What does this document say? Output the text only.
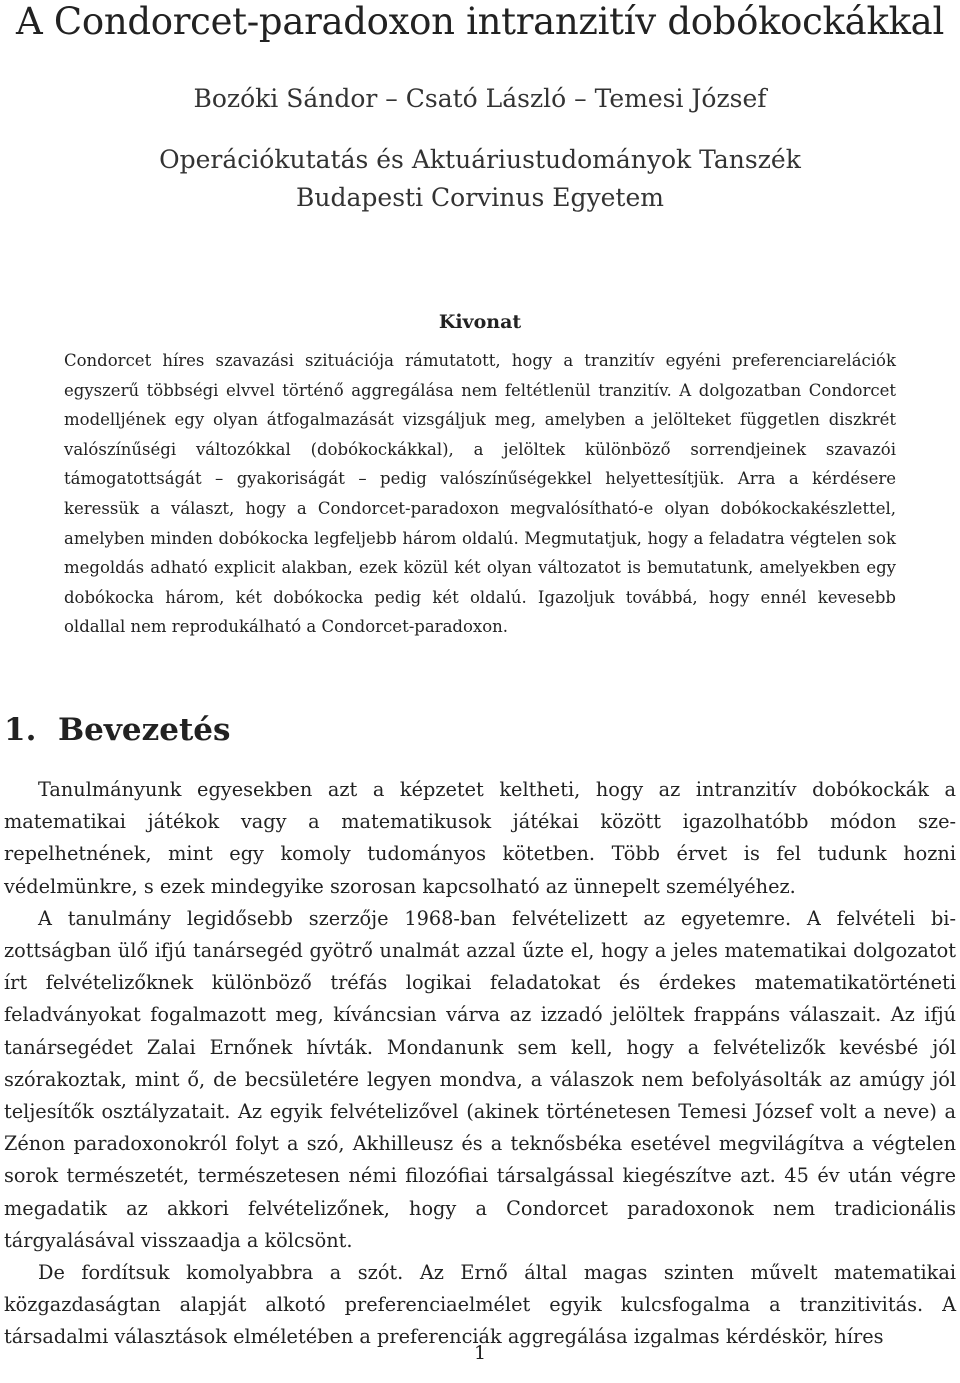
A Condorcet-paradoxon intranzitív dobókockákkal
Bozóki Sándor – Csató László – Temesi József
Operációkutatás és Aktuáriustudományok Tanszék
Budapesti Corvinus Egyetem
Kivonat
Condorcet híres szavazási szituációja rámutatott, hogy a tranzitív egyéni preferenciarelációk egyszerű többségi elvvel történő aggregálása nem feltétlenül tranzitív. A dolgozatban Condorcet modelljének egy olyan átfogalmazását vizsgáljuk meg, amelyben a jelölteket független diszkrét valószínűségi változókkal (dobókockákkal), a jelöltek különböző sorrendjeinek szavazói támogatottságát – gyakoriságát – pedig valószínűségekkel helyettesítjük. Arra a kérdésere keressük a választ, hogy a Condorcet-paradoxon megvalósítható-e olyan dobókockakészlettel, amelyben minden dobókocka legfeljebb három oldalú. Megmutatjuk, hogy a feladatra végtelen sok megoldás adható explicit alakban, ezek közül két olyan változatot is bemutatunk, amelyekben egy dobókocka három, két dobókocka pedig két oldalú. Igazoljuk továbbá, hogy ennél kevesebb oldallal nem reprodukálható a Condorcet-paradoxon.
1. Bevezetés

Tanulmányunk egyesekben azt a képzetet keltheti, hogy az intranzitív dobókockák a matematikai játékok vagy a matematikusok játékai között igazolhatóbb módon szerepelhetnének, mint egy komoly tudományos kötetben. Több érvet is fel tudunk hozni védelmünkre, s ezek mindegyike szorosan kapcsolható az ünnepelt személyéhez.

A tanulmány legidősebb szerzője 1968-ban felvételizett az egyetemre. A felvételi bizottságban ülő ifjú tanársegéd gyötrő unalmát azzal űzte el, hogy a jeles matematikai dolgozatot írt felvételizőknek különböző tréfás logikai feladatokat és érdekes matematikatörténeti feladványokat fogalmazott meg, kíváncsian várva az izzadó jelöltek frappáns válaszait. Az ifjú tanársegédet Zalai Ernőnek hívták. Mondanunk sem kell, hogy a felvételizők kevésbé jól szórakoztak, mint ő, de becsületére legyen mondva, a válaszok nem befolyásolták az amúgy jól teljesítők osztályzatait. Az egyik felvételizővel (akinek történetesen Temesi József volt a neve) a Zénon paradoxonokról folyt a szó, Akhilleusz és a teknősbéka esetével megvilágítva a végtelen sorok természetét, természetesen némi filozófiai társalgással kiegészítve azt. 45 év után végre megadatik az akkori felvételizőnek, hogy a Condorcet paradoxonok nem tradicionális tárgyalásával visszaadja a kölcsönt.

De fordítsuk komolyabbra a szót. Az Ernő által magas szinten művelt matematikai közgazdaságtan alapját alkotó preferenciaelmélet egyik kulcsfogalma a tranzitivitás. A társadalmi választások elméletében a preferenciák aggregálása izgalmas kérdéskör, híres

1
